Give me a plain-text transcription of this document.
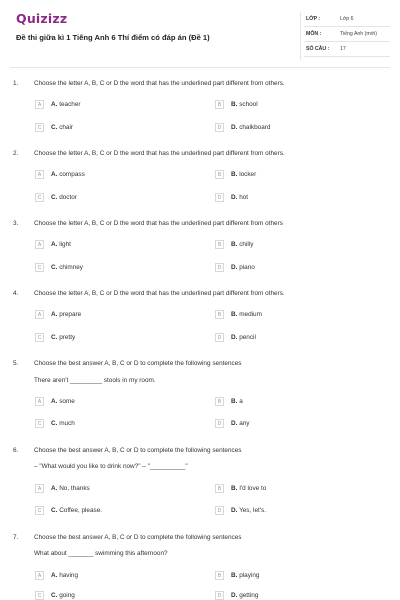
Quizizz
Đề thi giữa kì 1 Tiếng Anh 6 Thí điểm có đáp án (Đề 1)
LỚP :	Lớp 6
MÔN :	Tiếng Anh (mới)
SỐ CÂU : 17
1. Choose the letter A, B, C or D the word that has the underlined part different from others.
A	A. teacher	B	B. school
C	C. chair	D	D. chalkboard
2. Choose the letter A, B, C or D the word that has the underlined part different from others.
A	A. compass	B	B. locker
C	C. doctor	D	D. hot
3. Choose the letter A, B, C or D the word that has the underlined part different from others
A	A. light	B	B. chilly
C	C. chimney	D	D. piano
4. Choose the letter A, B, C or D the word that has the underlined part different from others.
A	A. prepare	B	B. medium
C	C. pretty	D	D. pencil
5. Choose the best answer A, B, C or D to complete the following sentences
There aren't _________ stools in my room.
A	A. some	B	B. a
C	C. much	D	D. any
6. Choose the best answer A, B, C or D to complete the following sentences
– "What would you like to drink now?" – "__________"
A	A. No, thanks	B	B. I'd love to
C	C. Coffee, please.	D	D. Yes, let's.
7. Choose the best answer A, B, C or D to complete the following sentences
What about _______ swimming this afternoon?
A	A. having	B	B. playing
C	C. going	D	D. getting
